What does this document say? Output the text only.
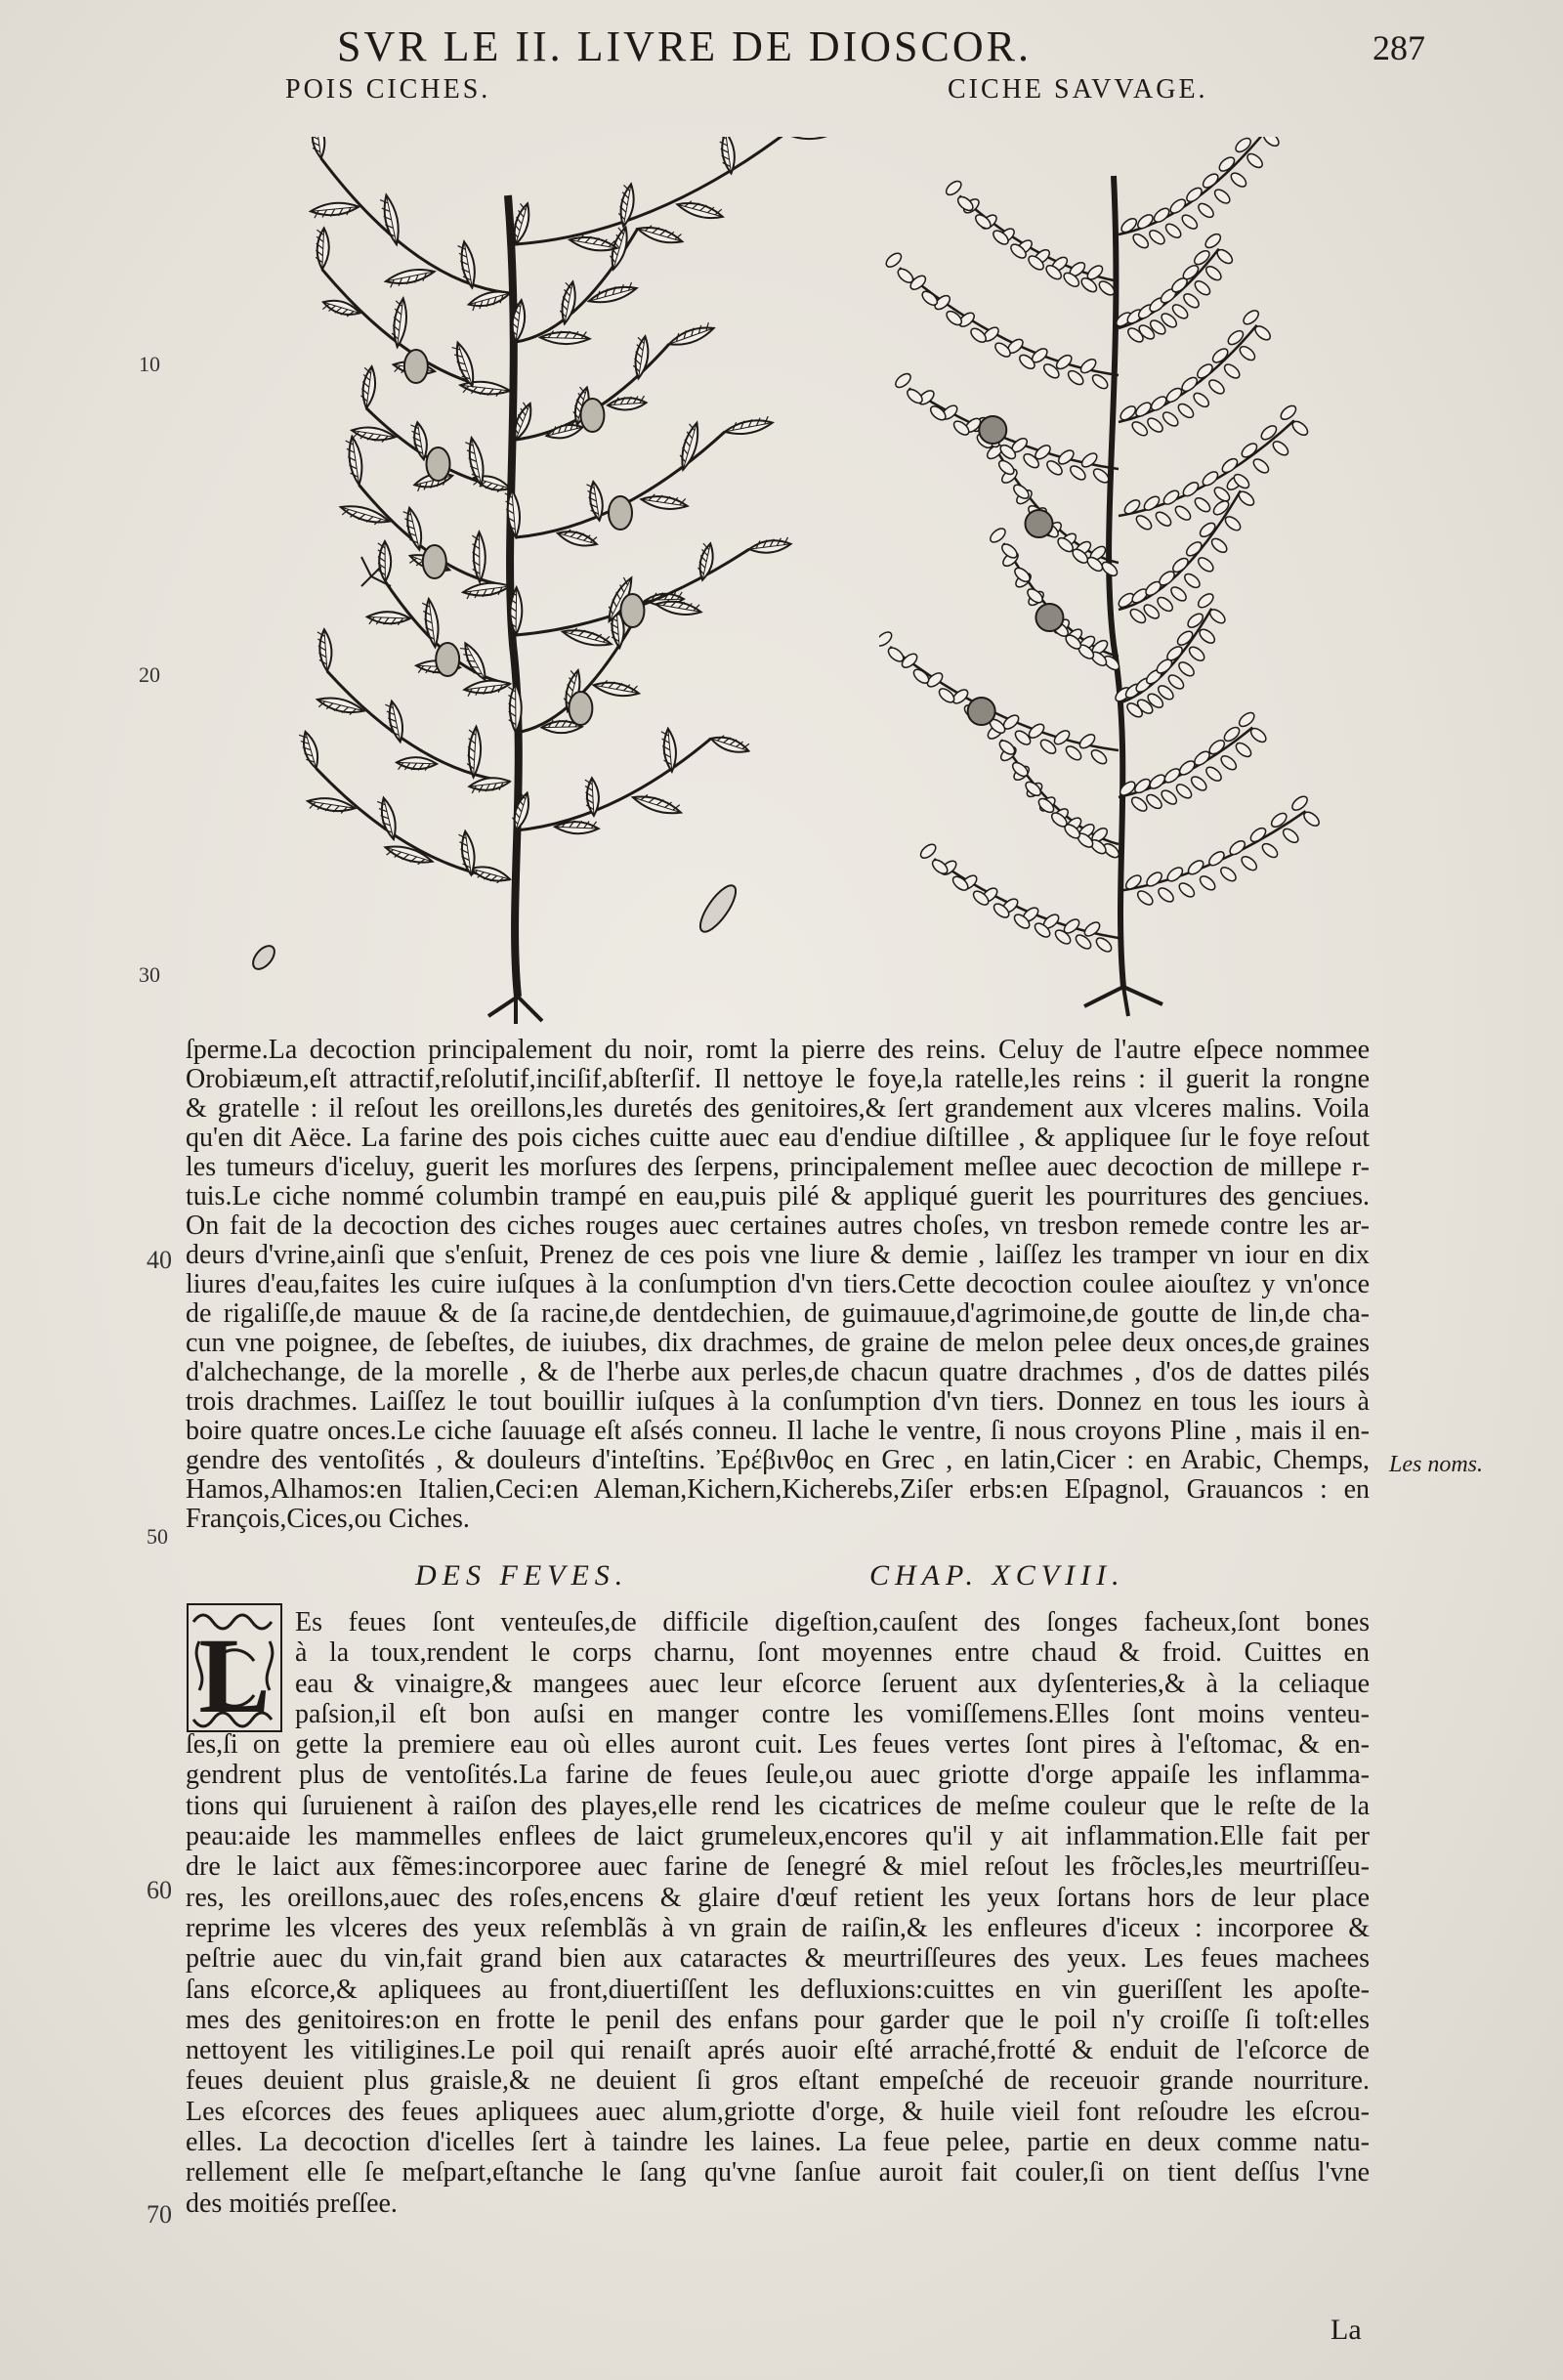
SVR LE II. LIVRE DE DIOSCOR.	287
POIS CICHES.	CICHE SAVVAGE.
10
20
30
40
50
60
70
ſperme.La decoction principalement du noir, romt la pierre des reins. Celuy de l'autre eſpece nommee
Orobiæum,eſt attractif,reſolutif,inciſif,abſterſif. Il nettoye le foye,la ratelle,les reins : il guerit la rongne
& gratelle : il reſout les oreillons,les duretés des genitoires,& ſert grandement aux vlceres malins. Voila
qu'en dit Aëce. La farine des pois ciches cuitte auec eau d'endiue diſtillee , & appliquee ſur le foye reſout
les tumeurs d'iceluy, guerit les morſures des ſerpens, principalement meſlee auec decoction de millepe r-
tuis.Le ciche nommé columbin trampé en eau,puis pilé & appliqué guerit les pourritures des genciues.
On fait de la decoction des ciches rouges auec certaines autres choſes, vn tresbon remede contre les ar-
deurs d'vrine,ainſi que s'enſuit, Prenez de ces pois vne liure & demie , laiſſez les tramper vn iour en dix
liures d'eau,faites les cuire iuſques à la conſumption d'vn tiers.Cette decoction coulee aiouſtez y vn'once
de rigaliſſe,de mauue & de ſa racine,de dentdechien, de guimauue,d'agrimoine,de goutte de lin,de cha-
cun vne poignee, de ſebeſtes, de iuiubes, dix drachmes, de graine de melon pelee deux onces,de graines
d'alchechange, de la morelle , & de l'herbe aux perles,de chacun quatre drachmes , d'os de dattes pilés
trois drachmes. Laiſſez le tout bouillir iuſques à la conſumption d'vn tiers. Donnez en tous les iours à
boire quatre onces.Le ciche ſauuage eſt aſsés conneu. Il lache le ventre, ſi nous croyons Pline , mais il en-
gendre des ventoſités , & douleurs d'inteſtins. Ἐρέβινθος en Grec , en latin,Cicer : en Arabic, Chemps,
Hamos,Alhamos:en Italien,Ceci:en Aleman,Kichern,Kicherebs,Ziſer erbs:en Eſpagnol, Grauancos : en
François,Cices,ou Ciches.
Les noms.
DES FEVES.	CHAP. XCVIII.
L Es feues ſont venteuſes,de difficile digeſtion,cauſent des ſonges facheux,ſont bones
à la toux,rendent le corps charnu, ſont moyennes entre chaud & froid. Cuittes en
eau & vinaigre,& mangees auec leur eſcorce ſeruent aux dyſenteries,& à la celiaque
paſsion,il eſt bon auſsi en manger contre les vomiſſemens.Elles ſont moins venteu-
ſes,ſi on gette la premiere eau où elles auront cuit. Les feues vertes ſont pires à l'eſtomac, & en-
gendrent plus de ventoſités.La farine de feues ſeule,ou auec griotte d'orge appaiſe les inflamma-
tions qui ſuruienent à raiſon des playes,elle rend les cicatrices de meſme couleur que le reſte de la
peau:aide les mammelles enflees de laict grumeleux,encores qu'il y ait inflammation.Elle fait per
dre le laict aux fẽmes:incorporee auec farine de ſenegré & miel reſout les frõcles,les meurtriſſeu-
res, les oreillons,auec des roſes,encens & glaire d'œuf retient les yeux ſortans hors de leur place
reprime les vlceres des yeux reſemblãs à vn grain de raiſin,& les enfleures d'iceux : incorporee &
peſtrie auec du vin,fait grand bien aux cataractes & meurtriſſeures des yeux. Les feues machees
ſans eſcorce,& apliquees au front,diuertiſſent les defluxions:cuittes en vin gueriſſent les apoſte-
mes des genitoires:on en frotte le penil des enfans pour garder que le poil n'y croiſſe ſi toſt:elles
nettoyent les vitiligines.Le poil qui renaiſt aprés auoir eſté arraché,frotté & enduit de l'eſcorce de
feues deuient plus graisle,& ne deuient ſi gros eſtant empeſché de receuoir grande nourriture.
Les eſcorces des feues apliquees auec alum,griotte d'orge, & huile vieil font reſoudre les eſcrou-
elles. La decoction d'icelles ſert à taindre les laines. La feue pelee, partie en deux comme natu-
rellement elle ſe meſpart,eſtanche le ſang qu'vne ſanſue auroit fait couler,ſi on tient deſſus l'vne
des moitiés preſſee.
La
